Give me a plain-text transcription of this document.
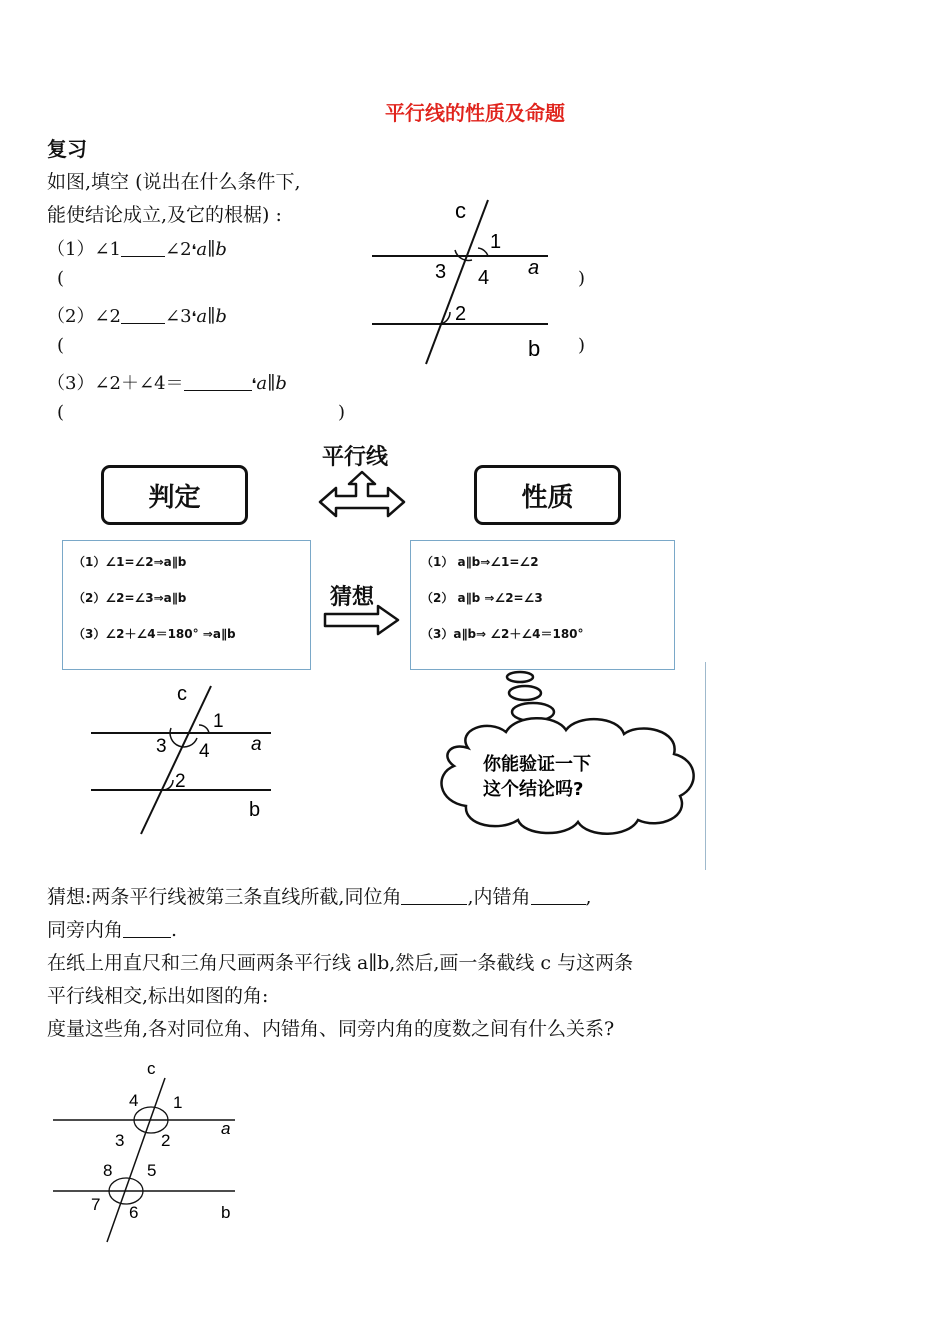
平行线的性质及命题
复习
如图,填空 (说出在什么条件下,
能使结论成立,及它的根椐) :
（1）∠1 ∠2❛a∥b
(	)
（2）∠2 ∠3❛a∥b
(	)
（3）∠2＋∠4＝	❛a∥b
(	)
c
1
3 4 a
2
b
平行线
判定	性质
（1）∠1=∠2⇒a∥b
（2）∠2=∠3⇒a∥b
（3）∠2＋∠4＝180° ⇒a∥b
猜想
（1） a∥b⇒∠1=∠2
（2） a∥b ⇒∠2=∠3
（3）a∥b⇒ ∠2＋∠4＝180°
c
1
3 4 a
2
b
你能验证一下
这个结论吗?
猜想:两条平行线被第三条直线所截,同位角	,内错角	,
同旁内角	.
在纸上用直尺和三角尺画两条平行线 a∥b,然后,画一条截线 c 与这两条
平行线相交,标出如图的角:
度量这些角,各对同位角、内错角、同旁内角的度数之间有什么关系?
c
4 1
3 2
a
8 5
7 6	b
